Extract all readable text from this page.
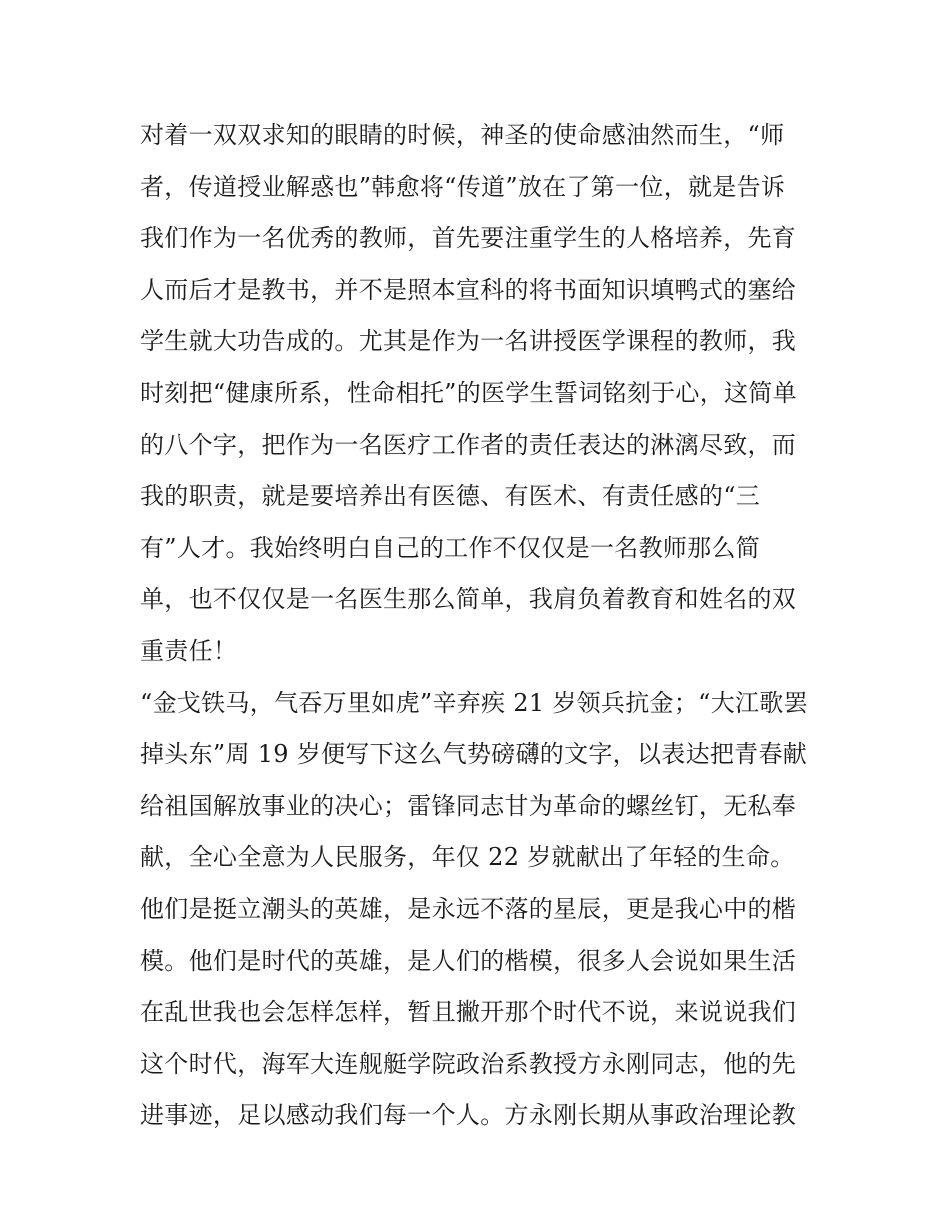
对着一双双求知的眼睛的时候，神圣的使命感油然而生，“师
者，传道授业解惑也”韩愈将“传道”放在了第一位，就是告诉
我们作为一名优秀的教师，首先要注重学生的人格培养，先育
人而后才是教书，并不是照本宣科的将书面知识填鸭式的塞给
学生就大功告成的。尤其是作为一名讲授医学课程的教师，我
时刻把“健康所系，性命相托”的医学生誓词铭刻于心，这简单
的八个字，把作为一名医疗工作者的责任表达的淋漓尽致，而
我的职责，就是要培养出有医德、有医术、有责任感的“三
有”人才。我始终明白自己的工作不仅仅是一名教师那么简
单，也不仅仅是一名医生那么简单，我肩负着教育和姓名的双
重责任！
“金戈铁马，气吞万里如虎”辛弃疾 21 岁领兵抗金；“大江歌罢
掉头东”周 19 岁便写下这么气势磅礴的文字，以表达把青春献
给祖国解放事业的决心；雷锋同志甘为革命的螺丝钉，无私奉
献，全心全意为人民服务，年仅 22 岁就献出了年轻的生命。
他们是挺立潮头的英雄，是永远不落的星辰，更是我心中的楷
模。他们是时代的英雄，是人们的楷模，很多人会说如果生活
在乱世我也会怎样怎样，暂且撇开那个时代不说，来说说我们
这个时代，海军大连舰艇学院政治系教授方永刚同志，他的先
进事迹，足以感动我们每一个人。方永刚长期从事政治理论教
